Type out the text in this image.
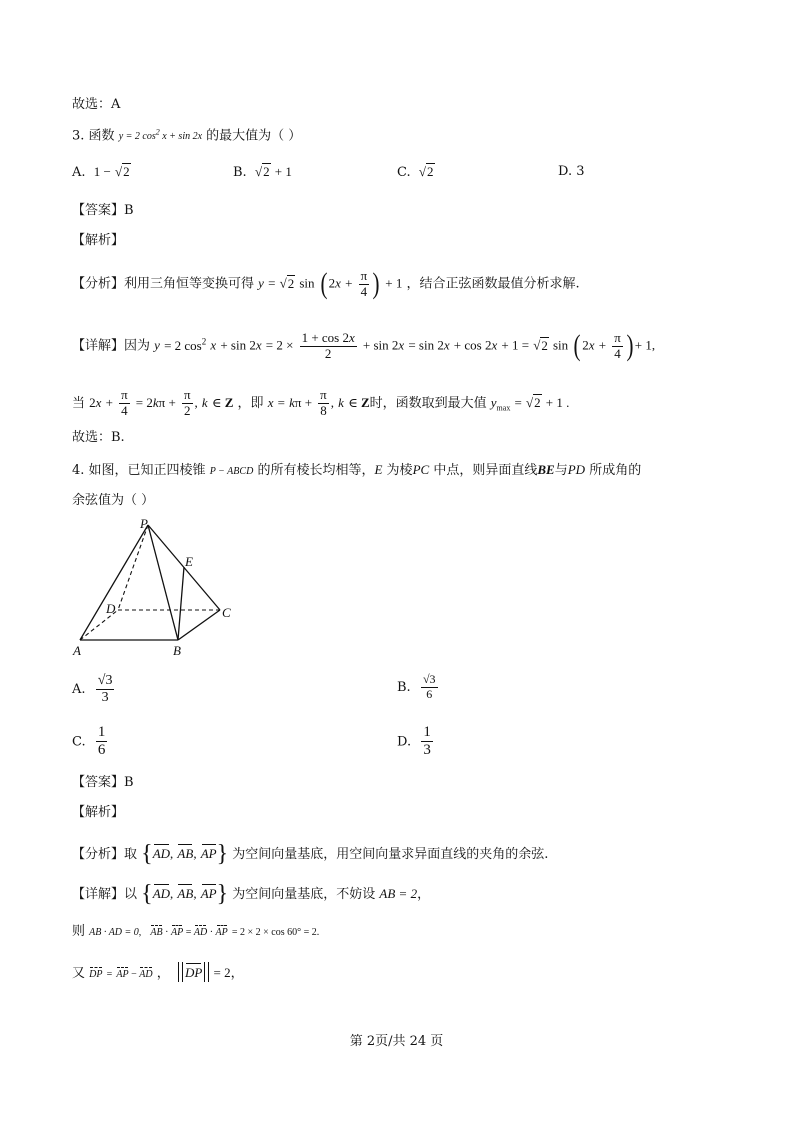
故选：A
3. 函数 y = 2 $\cos^2 x + \sin 2x$ 的最大值为（ ）
A. 1 − √2	B. √2 + 1	C. √2	D. 3
【答案】B
【解析】
【分析】利用三角恒等变换可得 y = √2 sin ( $2x + \frac{\pi}{4}$ ) + 1 ，结合正弦函数最值分析求解.
【详解】因为 y = 2 $\cos^2 x + \sin 2x = 2 \times \frac{1 + \cos 2x}{2} + \sin 2x = \sin 2x + \cos 2x + 1 = √2$ sin ( $2x + \frac{\pi}{4}$ ) + 1,
当 $2x + \frac{\pi}{4} = 2k\pi + \frac{\pi}{2}$ , k ∈ Z ，即 $x = k\pi + \frac{\pi}{8}$ , k ∈ Z时，函数取到最大值 $y_{max} = √2 + 1$ .
故选：B.
4. 如图，已知正四棱锥 P − ABCD 的所有棱长均相等，E 为棱PC 中点，则异面直线BE与PD 所成角的
余弦值为（ ）
P
E
D	C
A	B
A. $\frac{√3}{3}$	B. $\frac{√3}{6}$
C. $\frac{1}{6}$	D. $\frac{1}{3}$
【答案】B
【解析】
【分析】取 {AD, AB, AP} 为空间向量基底，用空间向量求异面直线的夹角的余弦.
【详解】以 {AD, AB, AP} 为空间向量基底，不妨设 AB = 2，
则 AB · AD = 0,   AB · AP = AD · AP = 2 × 2 × cos 60° = 2.
又 DP = AP − AD ， DP = 2，
第 2页/共 24 页
